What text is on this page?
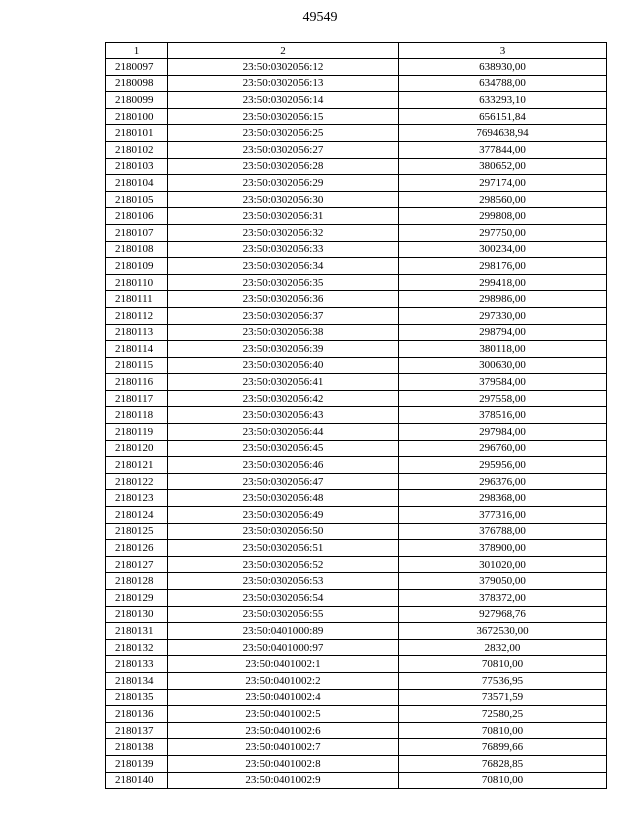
49549
1	2	3
2180097	23:50:0302056:12	638930,00
2180098	23:50:0302056:13	634788,00
2180099	23:50:0302056:14	633293,10
2180100	23:50:0302056:15	656151,84
2180101	23:50:0302056:25	7694638,94
2180102	23:50:0302056:27	377844,00
2180103	23:50:0302056:28	380652,00
2180104	23:50:0302056:29	297174,00
2180105	23:50:0302056:30	298560,00
2180106	23:50:0302056:31	299808,00
2180107	23:50:0302056:32	297750,00
2180108	23:50:0302056:33	300234,00
2180109	23:50:0302056:34	298176,00
2180110	23:50:0302056:35	299418,00
2180111	23:50:0302056:36	298986,00
2180112	23:50:0302056:37	297330,00
2180113	23:50:0302056:38	298794,00
2180114	23:50:0302056:39	380118,00
2180115	23:50:0302056:40	300630,00
2180116	23:50:0302056:41	379584,00
2180117	23:50:0302056:42	297558,00
2180118	23:50:0302056:43	378516,00
2180119	23:50:0302056:44	297984,00
2180120	23:50:0302056:45	296760,00
2180121	23:50:0302056:46	295956,00
2180122	23:50:0302056:47	296376,00
2180123	23:50:0302056:48	298368,00
2180124	23:50:0302056:49	377316,00
2180125	23:50:0302056:50	376788,00
2180126	23:50:0302056:51	378900,00
2180127	23:50:0302056:52	301020,00
2180128	23:50:0302056:53	379050,00
2180129	23:50:0302056:54	378372,00
2180130	23:50:0302056:55	927968,76
2180131	23:50:0401000:89	3672530,00
2180132	23:50:0401000:97	2832,00
2180133	23:50:0401002:1	70810,00
2180134	23:50:0401002:2	77536,95
2180135	23:50:0401002:4	73571,59
2180136	23:50:0401002:5	72580,25
2180137	23:50:0401002:6	70810,00
2180138	23:50:0401002:7	76899,66
2180139	23:50:0401002:8	76828,85
2180140	23:50:0401002:9	70810,00
